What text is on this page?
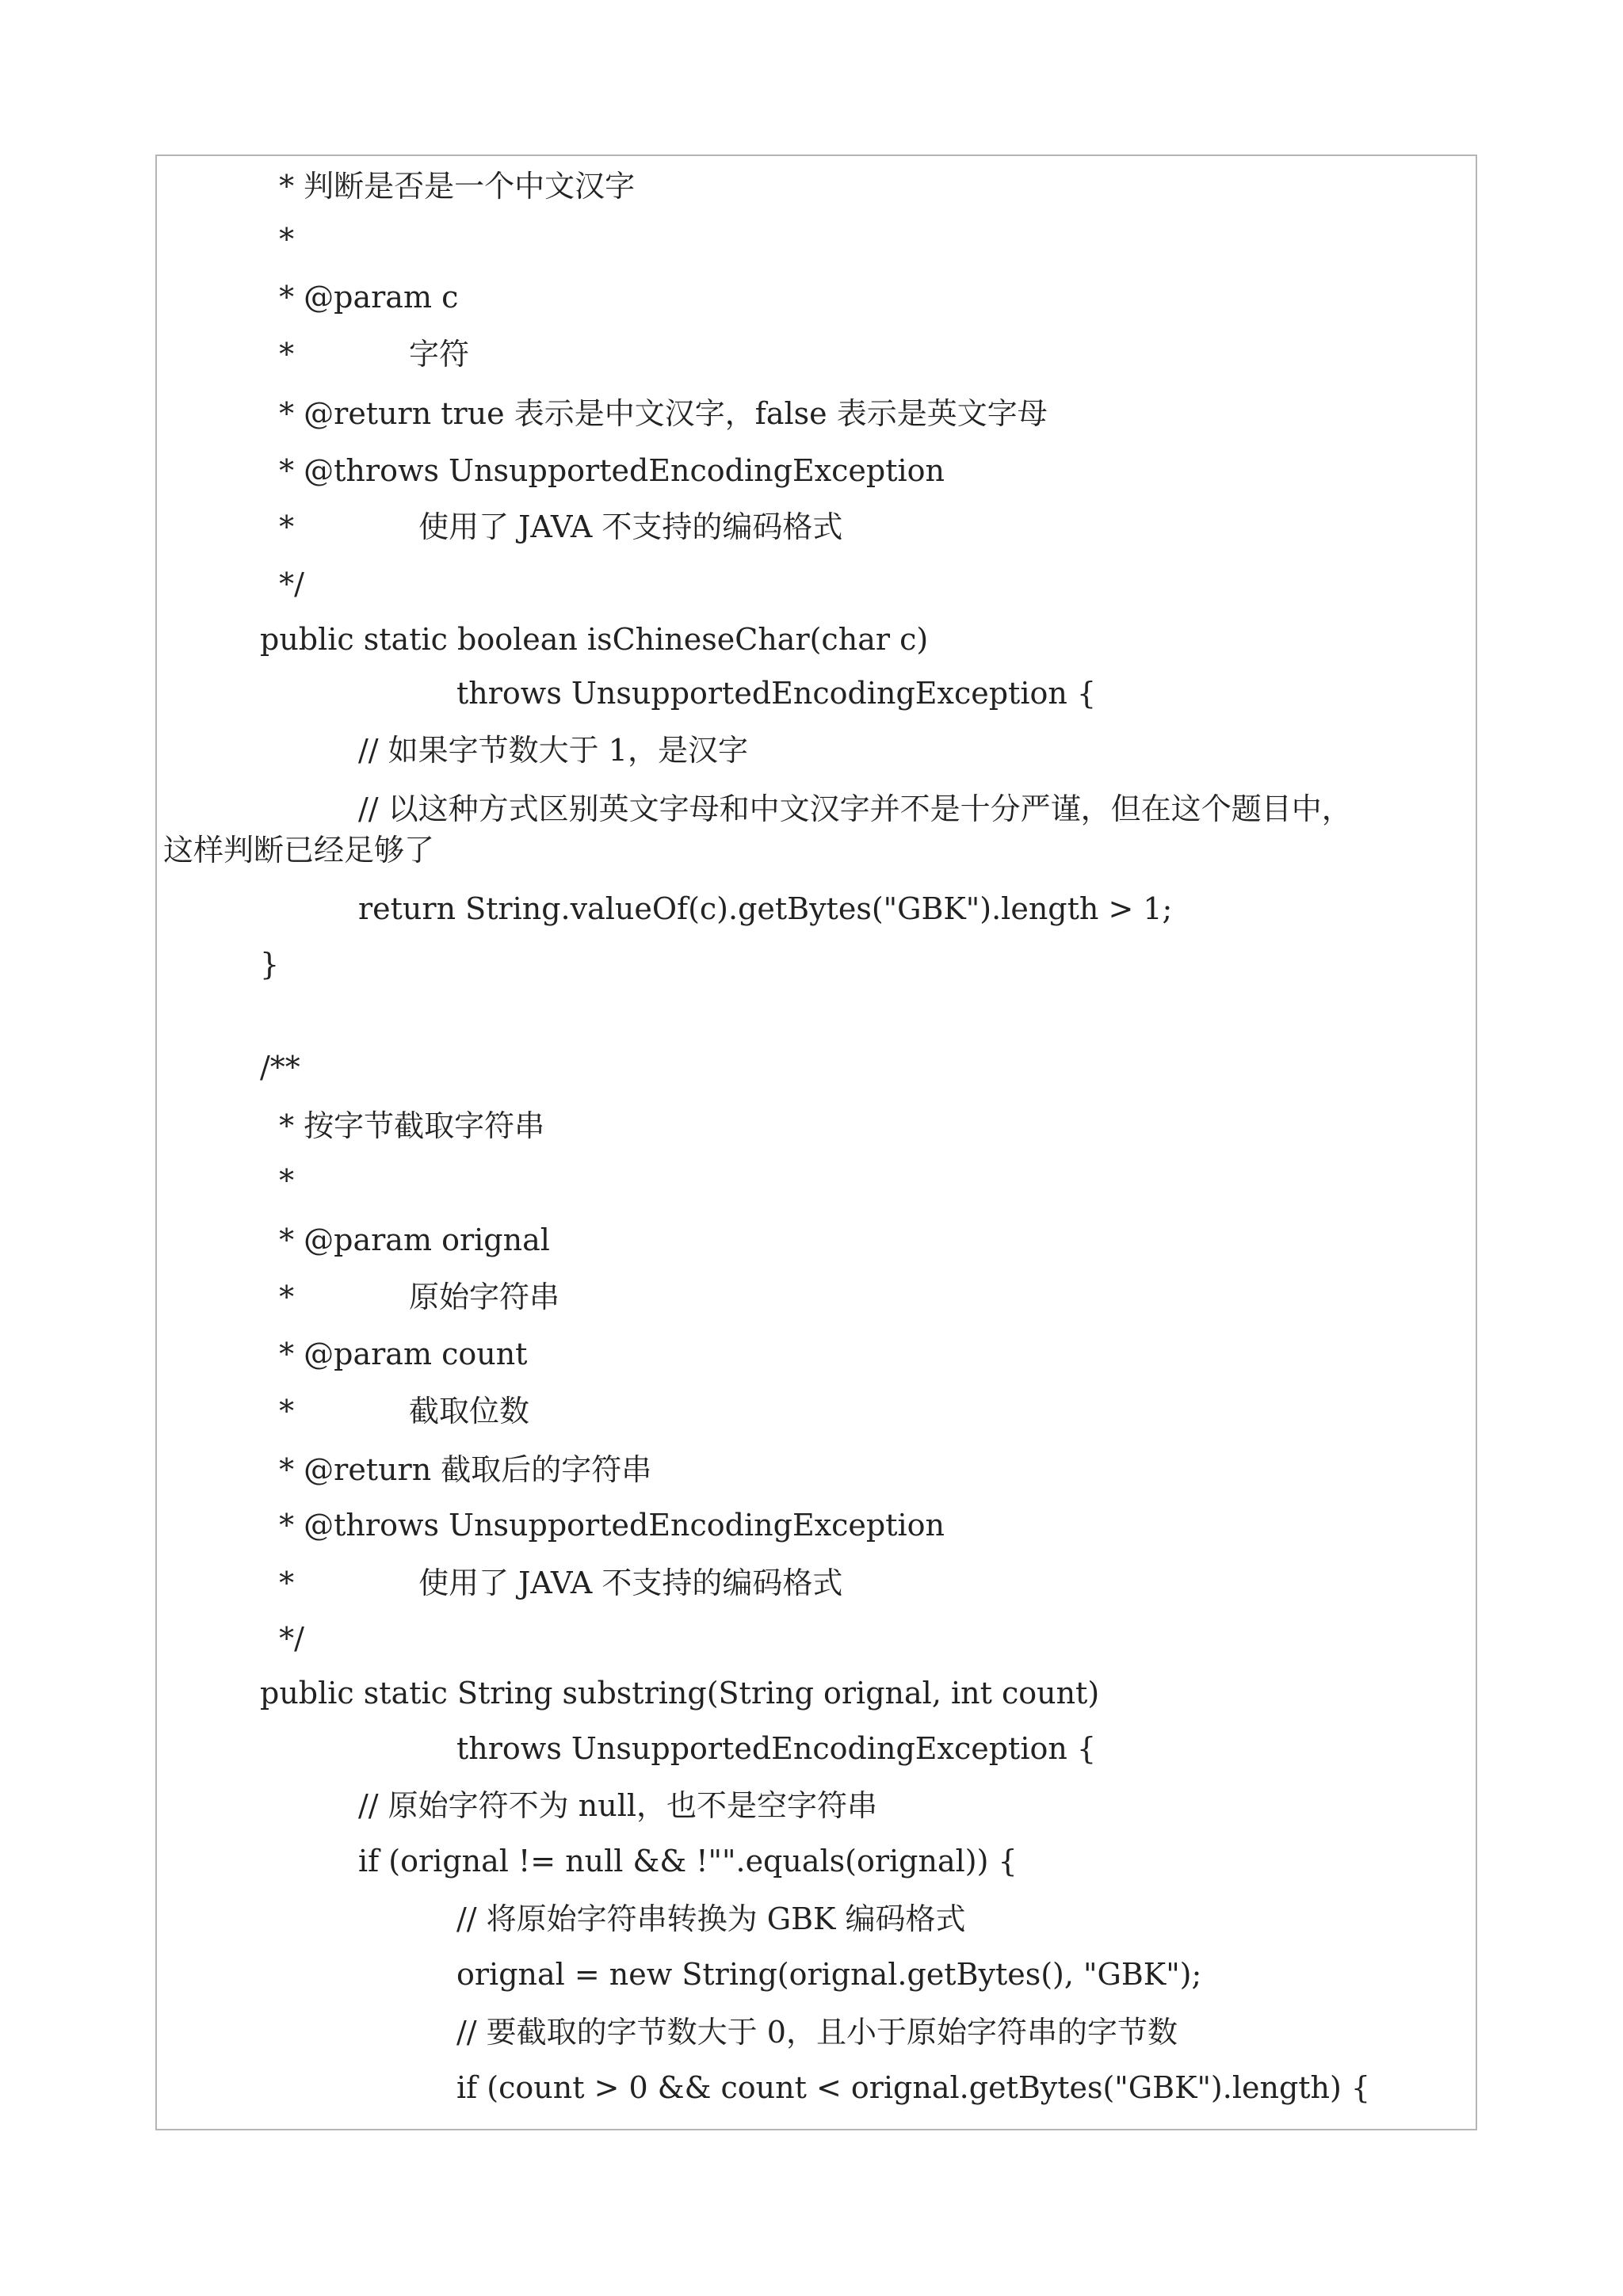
* 判断是否是一个中文汉字
*
* @param c
*            字符
* @return true 表示是中文汉字，false 表示是英文字母
* @throws UnsupportedEncodingException
*             使用了 JAVA 不支持的编码格式
*/
public static boolean isChineseChar(char c)
throws UnsupportedEncodingException {
// 如果字节数大于 1，是汉字
// 以这种方式区别英文字母和中文汉字并不是十分严谨，但在这个题目中，
这样判断已经足够了
return String.valueOf(c).getBytes("GBK").length > 1;
}
/**
* 按字节截取字符串
*
* @param orignal
*            原始字符串
* @param count
*            截取位数
* @return 截取后的字符串
* @throws UnsupportedEncodingException
*             使用了 JAVA 不支持的编码格式
*/
public static String substring(String orignal, int count)
throws UnsupportedEncodingException {
// 原始字符不为 null，也不是空字符串
if (orignal != null && !"".equals(orignal)) {
// 将原始字符串转换为 GBK 编码格式
orignal = new String(orignal.getBytes(), "GBK");
// 要截取的字节数大于 0，且小于原始字符串的字节数
if (count > 0 && count < orignal.getBytes("GBK").length) {
